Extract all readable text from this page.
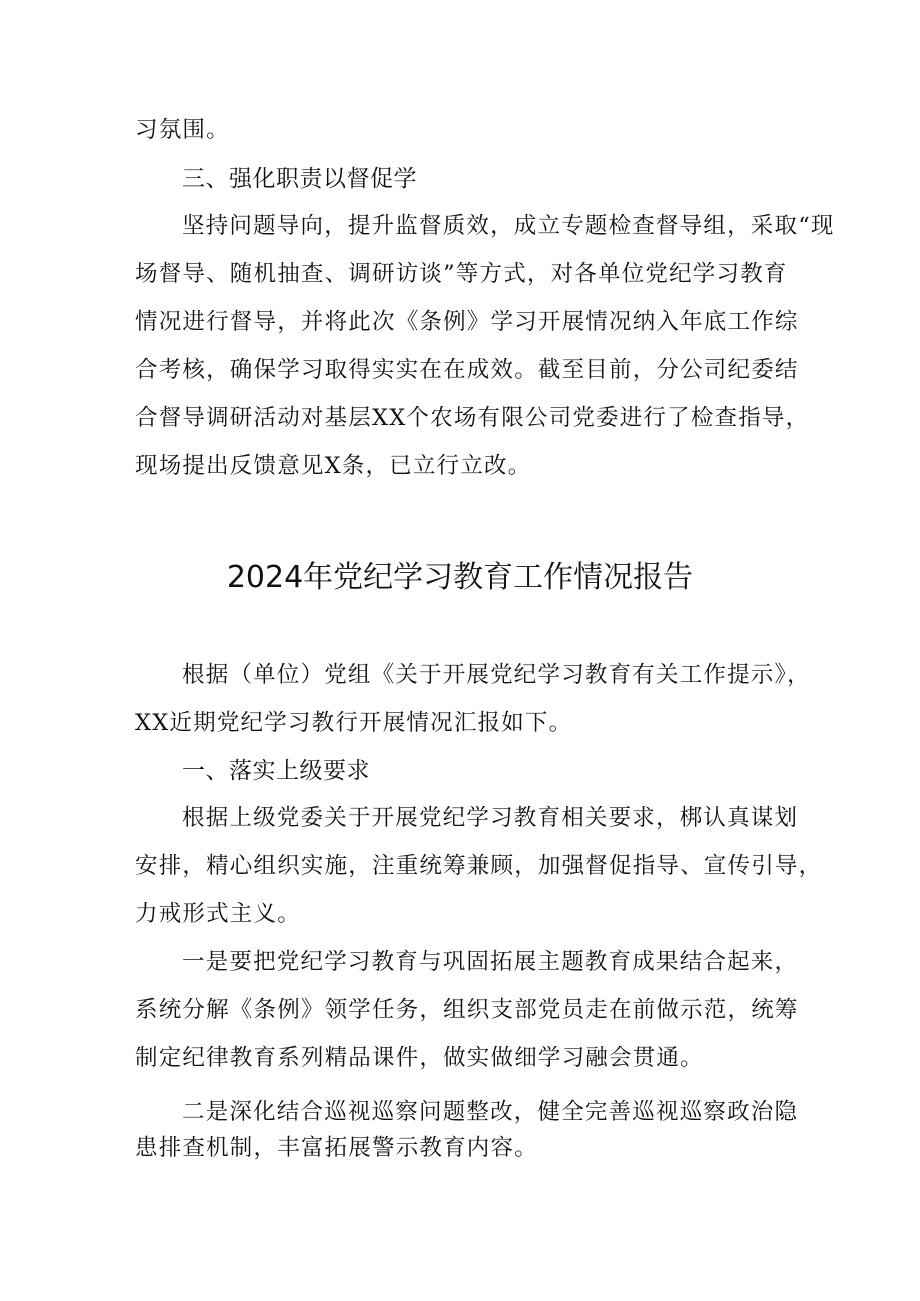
习氛围。
三、强化职责以督促学
坚持问题导向，提升监督质效，成立专题检查督导组，采取“现
场督导、随机抽查、调研访谈”等方式，对各单位党纪学习教育
情况进行督导，并将此次《条例》学习开展情况纳入年底工作综
合考核，确保学习取得实实在在成效。截至目前，分公司纪委结
合督导调研活动对基层XX个农场有限公司党委进行了检查指导，
现场提出反馈意见X条，已立行立改。
2024年党纪学习教育工作情况报告
根据（单位）党组《关于开展党纪学习教育有关工作提示》，
XX近期党纪学习教行开展情况汇报如下。
一、落实上级要求
根据上级党委关于开展党纪学习教育相关要求，梆认真谋划
安排，精心组织实施，注重统筹兼顾，加强督促指导、宣传引导，
力戒形式主义。
一是要把党纪学习教育与巩固拓展主题教育成果结合起来，
系统分解《条例》领学任务，组织支部党员走在前做示范，统筹
制定纪律教育系列精品课件，做实做细学习融会贯通。
二是深化结合巡视巡察问题整改，健全完善巡视巡察政治隐
患排查机制，丰富拓展警示教育内容。
